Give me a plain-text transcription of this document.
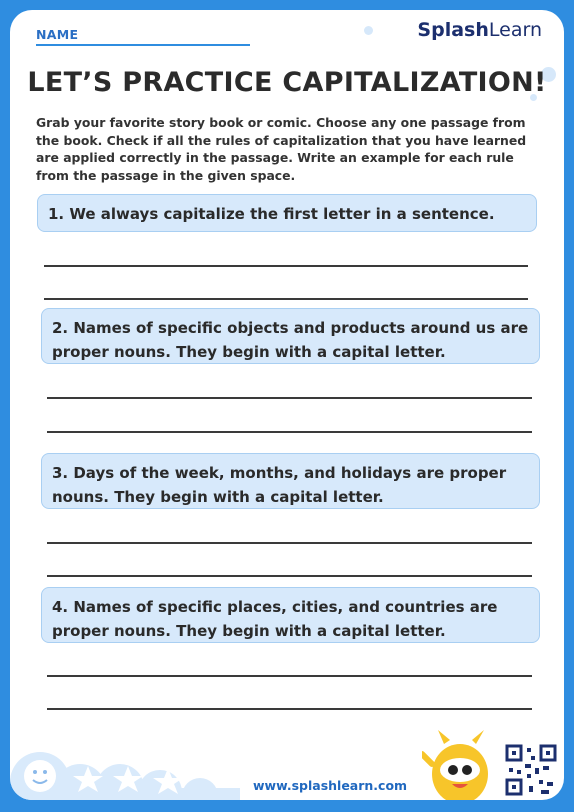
NAME	SplashLearn
LET’S PRACTICE CAPITALIZATION!

Grab your favorite story book or comic. Choose any one passage from the book. Check if all the rules of capitalization that you have learned are applied correctly in the passage. Write an example for each rule from the passage in the given space.

1. We always capitalize the first letter in a sentence.
2. Names of specific objects and products around us are proper nouns. They begin with a capital letter.
3. Days of the week, months, and holidays are proper nouns. They begin with a capital letter.
4. Names of specific places, cities, and countries are proper nouns. They begin with a capital letter.
www.splashlearn.com
